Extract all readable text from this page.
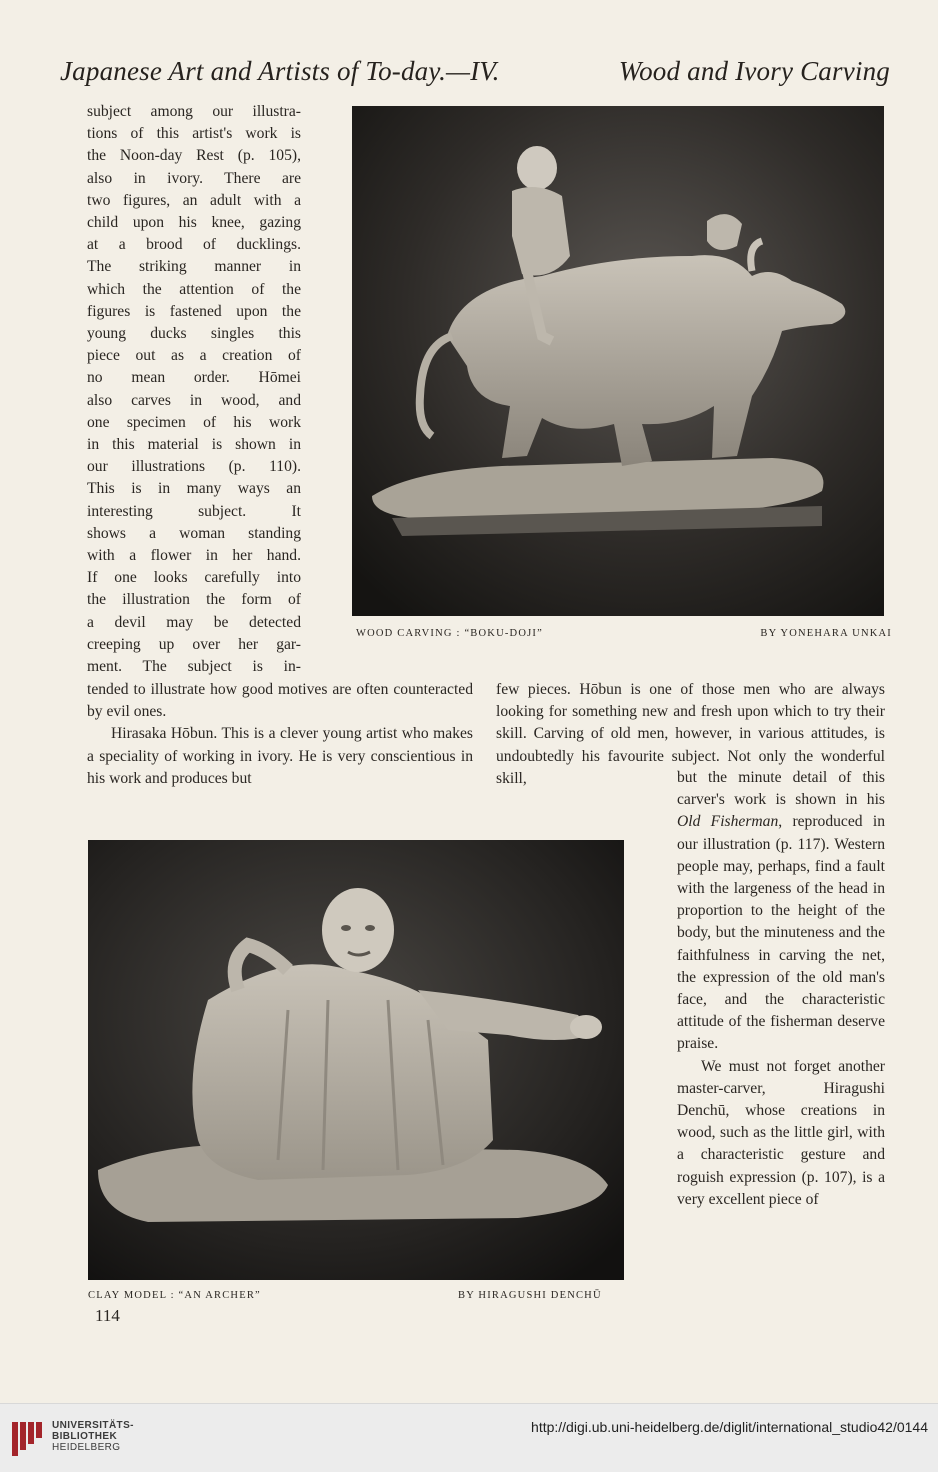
Japanese Art and Artists of To-day.—IV.	Wood and Ivory Carving
subject among our illustra-
tions of this artist's work is
the Noon-day Rest (p. 105),
also in ivory. There are
two figures, an adult with a
child upon his knee, gazing
at a brood of ducklings.
The striking manner in
which the attention of the
figures is fastened upon the
young ducks singles this
piece out as a creation of
no mean order. Hōmei
also carves in wood, and
one specimen of his work
in this material is shown in
our illustrations (p. 110).
This is in many ways an
interesting subject. It
shows a woman standing
with a flower in her hand.
If one looks carefully into
the illustration the form of
a devil may be detected
creeping up over her gar-
ment. The subject is in-
WOOD CARVING : “BOKU-DOJI”	BY YONEHARA UNKAI

tended to illustrate how good motives are often counteracted by evil ones.

Hirasaka Hōbun. This is a clever young artist who makes a speciality of working in ivory. He is very conscientious in his work and produces but

few pieces. Hōbun is one of those men who are always looking for something new and fresh upon which to try their skill. Carving of old men, however, in various attitudes, is undoubtedly his favourite subject. Not only the wonderful skill,

CLAY MODEL : “AN ARCHER”	BY HIRAGUSHI DENCHŪ

but the minute detail of this carver's work is shown in his Old Fisherman, reproduced in our illustration (p. 117). Western people may, perhaps, find a fault with the largeness of the head in proportion to the height of the body, but the minuteness and the faithfulness in carving the net, the expression of the old man's face, and the characteristic attitude of the fisherman deserve praise.

We must not forget another master-carver, Hiragushi Denchū, whose creations in wood, such as the little girl, with a characteristic gesture and roguish expression (p. 107), is a very excellent piece of

114
UNIVERSITÄTS-
BIBLIOTHEK
HEIDELBERG
http://digi.ub.uni-heidelberg.de/diglit/international_studio42/0144
